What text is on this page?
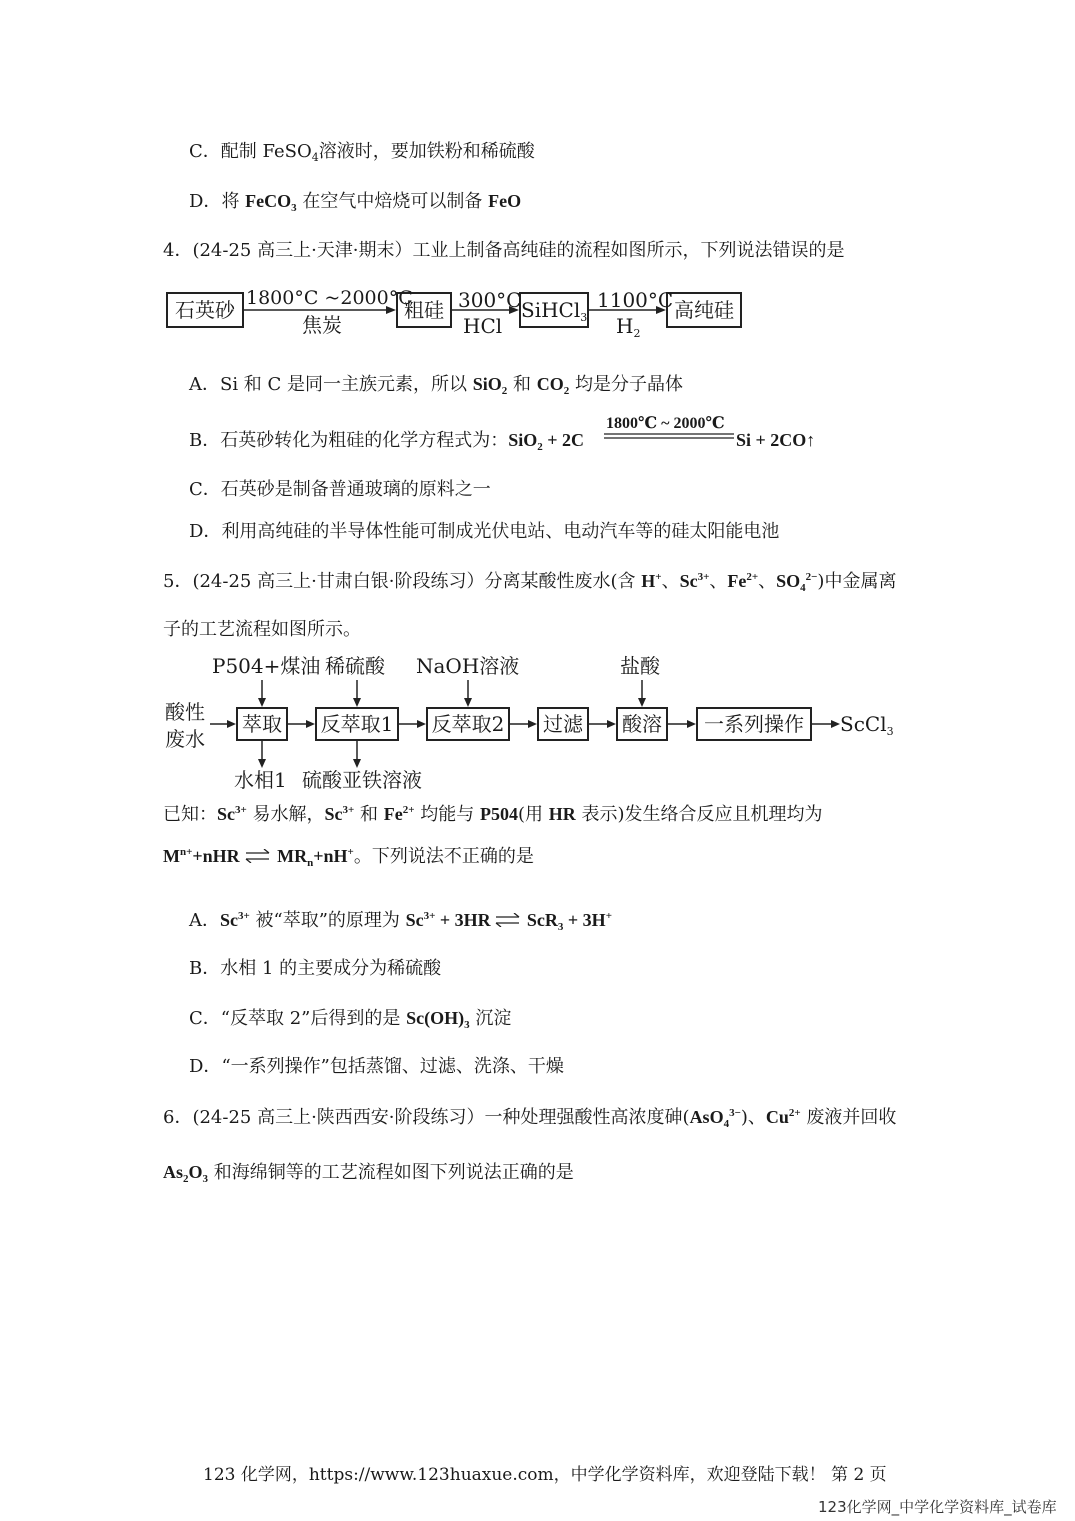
C．配制 FeSO$_4$溶液时，要加铁粉和稀硫酸
D．将 FeCO$_3$ 在空气中焙烧可以制备 FeO
4．(24-25 高三上·天津·期末）工业上制备高纯硅的流程如图所示，下列说法错误的是
石英砂	粗硅	SiHCl$_3$	高纯硅
1800°C ~2000°C
焦炭
300°C
HCl
1100°C
$H_2$
A．Si 和 C 是同一主族元素，所以 SiO$_2$ 和 $CO_2$ 均是分子晶体
B．石英砂转化为粗硅的化学方程式为：SiO$_2$ + 2C
1800℃ ~ 2000℃
Si + 2CO↑
C．石英砂是制备普通玻璃的原料之一
D．利用高纯硅的半导体性能可制成光伏电站、电动汽车等的硅太阳能电池
5．(24-25 高三上·甘肃白银·阶段练习）分离某酸性废水(含 H+、$Sc^{3+}$、$Fe^{2+}$、$SO_4^{2-}$)中金属离
子的工艺流程如图所示。
P504+煤油 稀硫酸 NaOH溶液	盐酸
酸性
废水
萃取	反萃取1 反萃取2	过滤	酸溶	一系列操作	ScCl$_3$
水相1 硫酸亚铁溶液
已知：$Sc^{3+}$ 易水解，$Sc^{3+}$ 和 $Fe^{2+}$ 均能与 P504(用 HR 表示)发生络合反应且机理均为
$M^{n+}+nHR$ ⇌ $MR_n+nH^+$。下列说法不正确的是
A．$Sc^{3+}$ 被“萃取”的原理为 $Sc^{3+} + 3HR$ ⇌ ScR$_3$ + 3H+
B．水相 1 的主要成分为稀硫酸
C．“反萃取 2”后得到的是 $Sc(OH)_3$ 沉淀
D．“一系列操作”包括蒸馏、过滤、洗涤、干燥
6．(24-25 高三上·陕西西安·阶段练习）一种处理强酸性高浓度砷(AsO$_4^{3-}$)、$Cu^{2+}$ 废液并回收
$As_2O_3$ 和海绵铜等的工艺流程如图下列说法正确的是
123 化学网，https://www.123huaxue.com，中学化学资料库，欢迎登陆下载！ 第 2 页
123化学网_中学化学资料库_试卷库
